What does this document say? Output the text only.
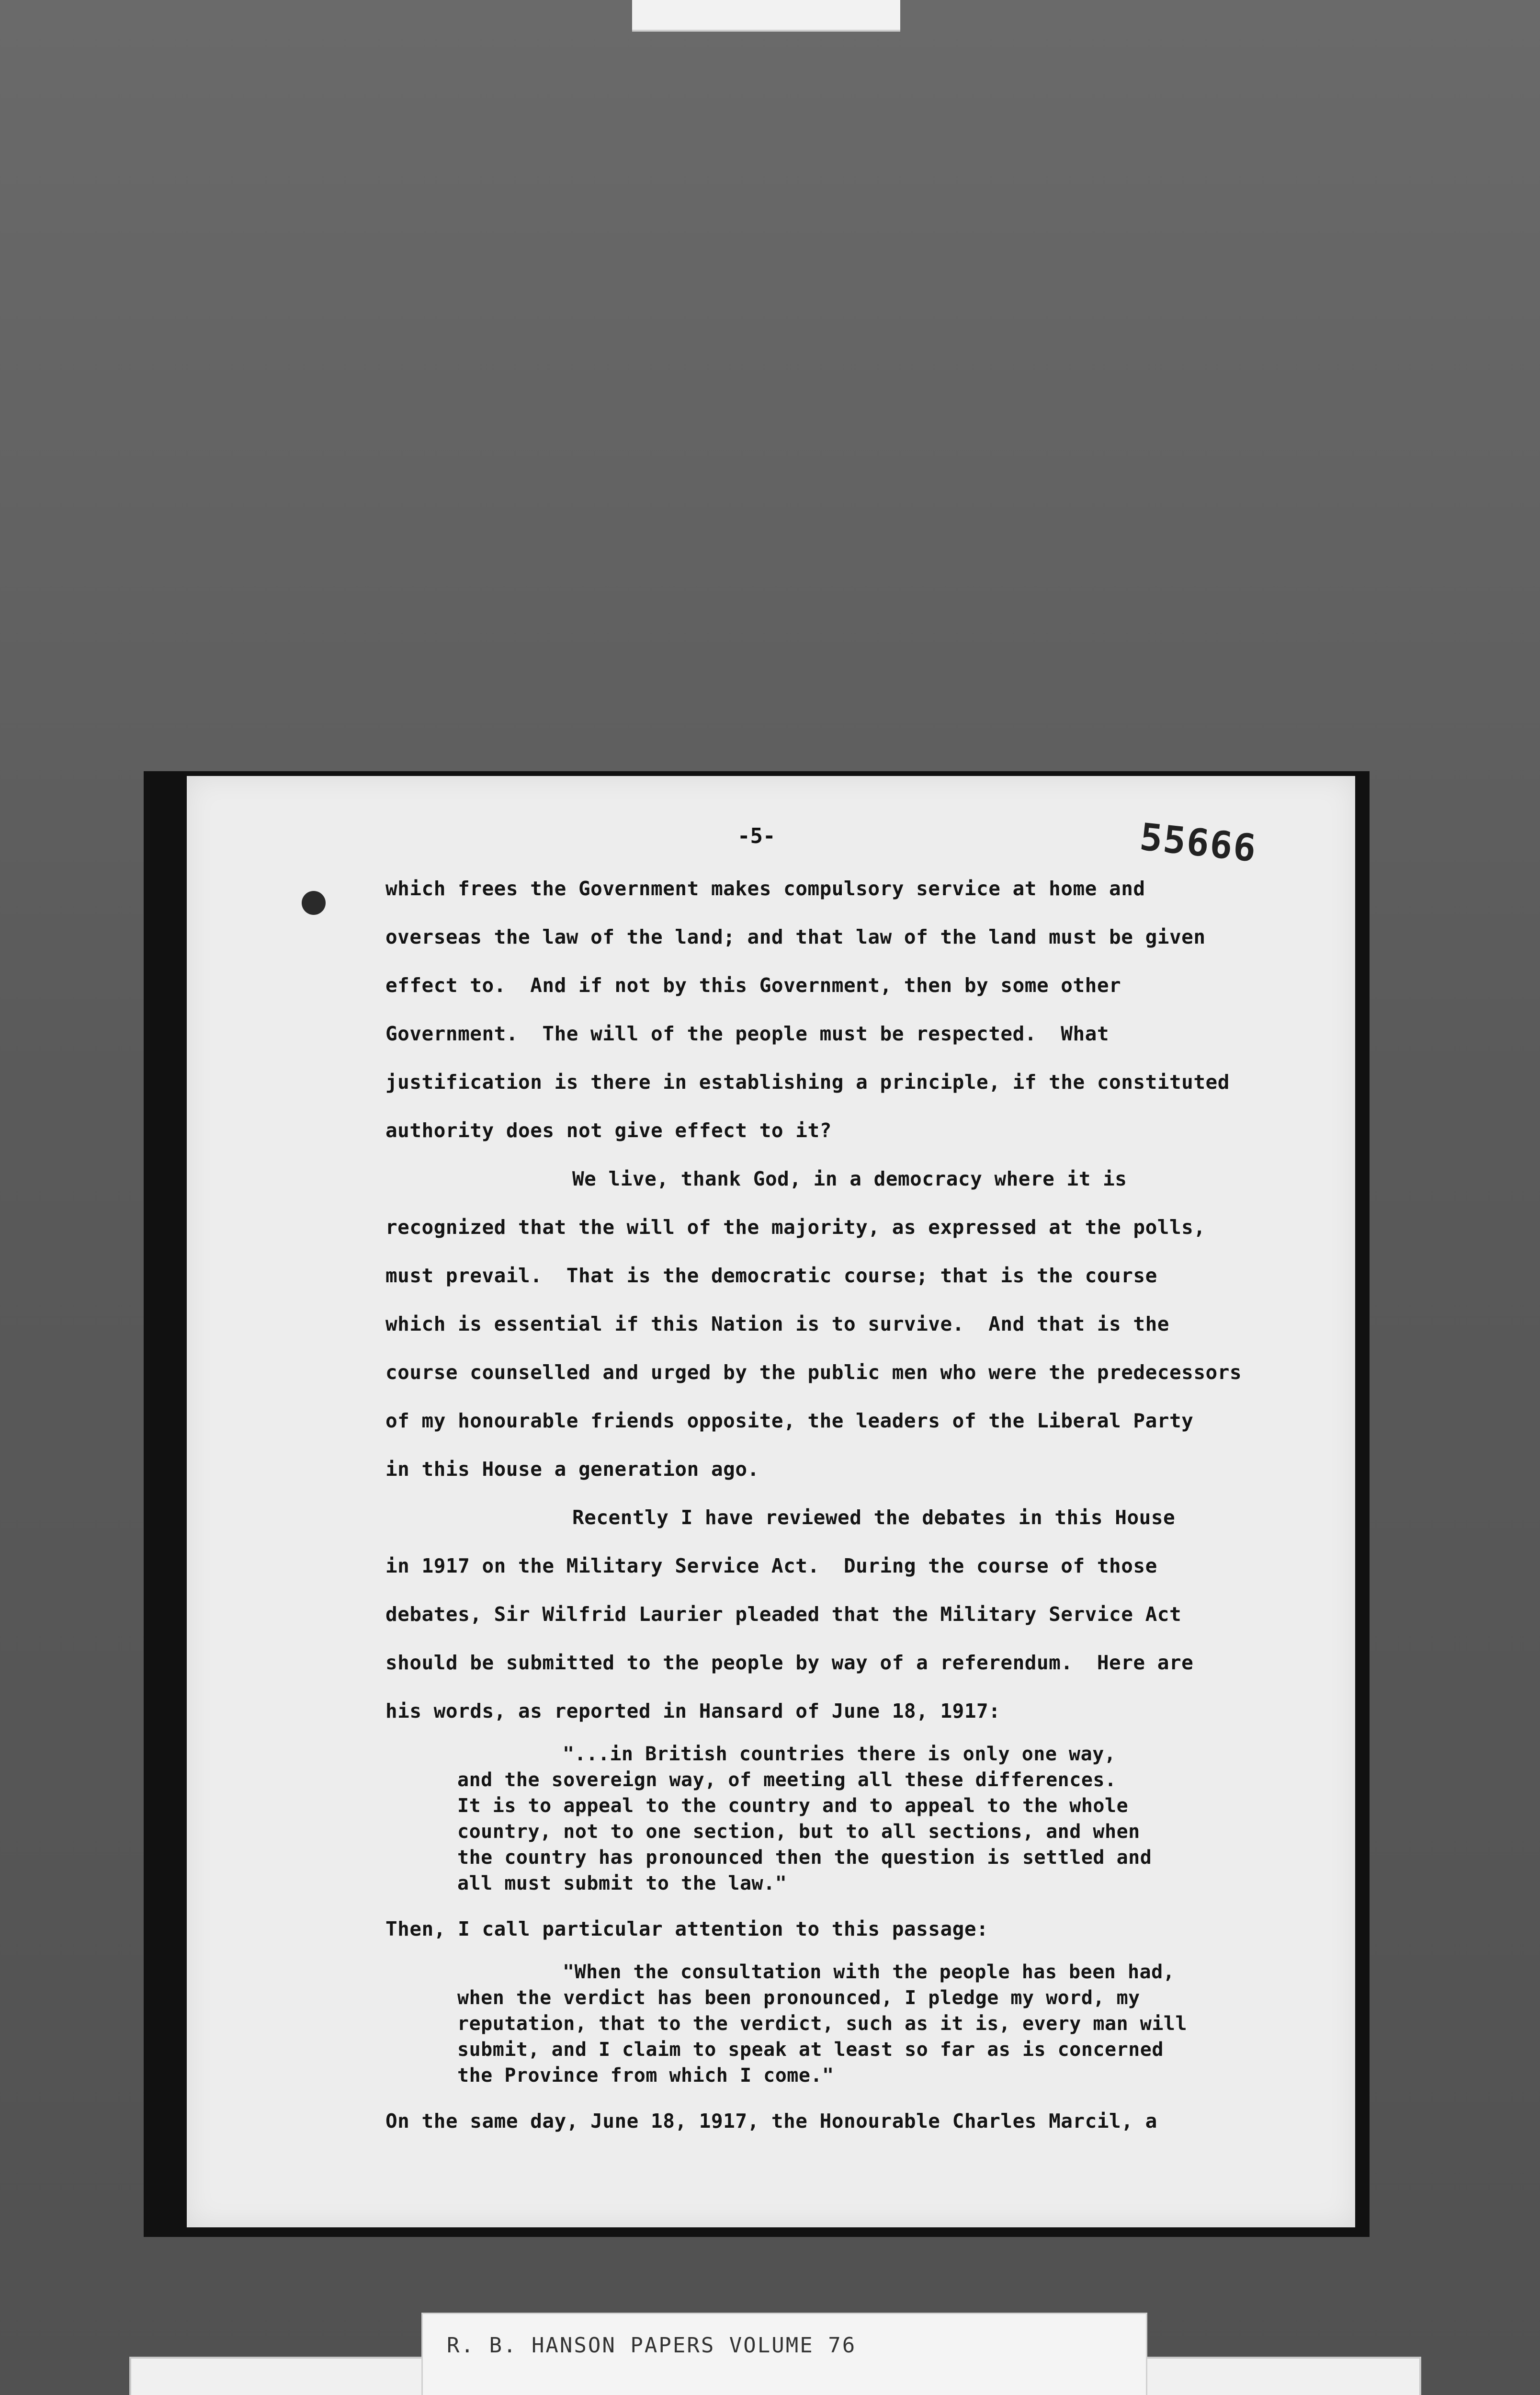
-5-	55666
which frees the Government makes compulsory service at home and
overseas the law of the land; and that law of the land must be given
effect to.  And if not by this Government, then by some other
Government.  The will of the people must be respected.  What
justification is there in establishing a principle, if the constituted
authority does not give effect to it?
We live, thank God, in a democracy where it is
recognized that the will of the majority, as expressed at the polls,
must prevail.  That is the democratic course; that is the course
which is essential if this Nation is to survive.  And that is the
course counselled and urged by the public men who were the predecessors
of my honourable friends opposite, the leaders of the Liberal Party
in this House a generation ago.
Recently I have reviewed the debates in this House
in 1917 on the Military Service Act.  During the course of those
debates, Sir Wilfrid Laurier pleaded that the Military Service Act
should be submitted to the people by way of a referendum.  Here are
his words, as reported in Hansard of June 18, 1917:
"...in British countries there is only one way,
and the sovereign way, of meeting all these differences.
It is to appeal to the country and to appeal to the whole
country, not to one section, but to all sections, and when
the country has pronounced then the question is settled and
all must submit to the law."
Then, I call particular attention to this passage:
"When the consultation with the people has been had,
when the verdict has been pronounced, I pledge my word, my
reputation, that to the verdict, such as it is, every man will
submit, and I claim to speak at least so far as is concerned
the Province from which I come."
On the same day, June 18, 1917, the Honourable Charles Marcil, a
R. B. HANSON PAPERS VOLUME 76
